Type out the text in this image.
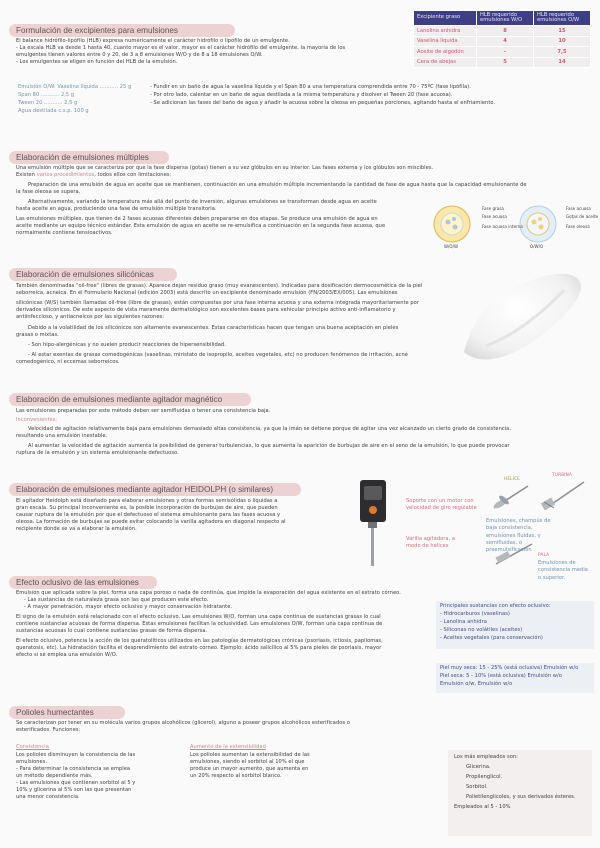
Formulación de excipientes para emulsiones
El balance hidrófilo-lipófilo (HLB) expresa numéricamente el carácter hidrófilo o lipófilo de un emulgente.
- La escala HLB va desde 1 hasta 40, cuanto mayor es el valor, mayor es el carácter hidrófilo del emulgente, la mayoría de los
emulgentes tienen valores entre 0 y 20, de 3 a 8 emulsiones W/O y de 8 a 18 emulsiones O/W.
- Los emulgentes se eligen en función del HLB de la emulsión.
Emulsión O/W: Vaselina líquida ........... 25 g
Span 80 ........... 2,5 g
Tween 20 ........... 2,5 g
Agua destilada c.s.p. 100 g
- Fundir en un baño de agua la vaselina líquida y el Span 80 a una temperatura comprendida entre 70 - 75ºC (fase lipófila).
- Por otro lado, calentar en un baño de agua destilada a la misma temperatura y disolver el Tween 20 (fase acuosa).
- Se adicionan las fases del baño de agua y añadir la acuosa sobre la oleosa en pequeñas porciones, agitando hasta el enfriamiento.
Excipiente graso	HLB requerido emulsiones W/O	HLB requerido emulsiones O/W
Lanolina anhidra	8	15
Vaselina líquida	4	10
Aceite de algodón	-	7,5
Cera de abejas	5	14
Elaboración de emulsiones múltiples
Una emulsión múltiple que se caracteriza por que la fase dispersa (gotas) tienen a su vez glóbulos en su interior. Las fases externa y los glóbulos son miscibles.
Existen varios procedimientos, todos ellos con limitaciones:
Preparación de una emulsión de agua en aceite que se mantienen, continuación en una emulsión múltiple incrementando la cantidad de fase de agua hasta que la capacidad emulsionante de
la fase oleosa se supera.
Alternativamente, variando la temperatura más allá del punto de inversión, algunas emulsiones se transforman desde agua en aceite
hasta aceite en agua, produciendo una fase de emulsión múltiple transitoria.
Las emulsiones múltiples, que tienen de 2 fases acuosas diferentes deben prepararse en dos etapas. Se produce una emulsión de agua en
aceite mediante un equipo técnico estándar. Esta emulsión de agua en aceite se re-emulsifica a continuación en la segunda fase acuosa, que
normalmente contiene tensioactivos.
Fase grasa
Fase acuosa
Fase acuosa interna
W/O/W
Fase acuosa
Gotas de aceite
Fase oleosa
O/W/O
Elaboración de emulsiones silicónicas
También denominadas "oil-free" (libres de grasas). Aparece dejan residuo graso (muy evanescentes). Indicadas para dosificación dermocosmética de la piel
seborreica, acneica. En el Formulario Nacional (edición 2003) está descrito un excipiente denominado emulsión (FN/2003/EX/005). Las emulsiones
silicónicas (W/S) también llamadas oil-free (libre de grasas), están compuestas por una fase interna acuosa y una externa integrada mayoritariamente por
derivados silicónicos. De este aspecto de vista meramente dermatológico son excelentes bases para vehicular principio activo anti-inflamatorio y
antiinfeccioso, y antiacneicos por las siguientes razones:
Debido a la volatilidad de los silicónicos son altamente evanescentes. Estas características hacen que tengan una buena aceptación en pieles
grasas o mixtas.
- Son hipo-alergénicas y no suelen producir reacciones de hipersensibilidad.
- Al estar exentas de grasas comedogénicas (vaselinas, miristato de isopropilo, aceites vegetales, etc) no producen fenómenos de irritación, acné
comedogénico, ni eccemas seborreicos.
Elaboración de emulsiones mediante agitador magnético
Las emulsiones preparadas por este método deben ser semifluidas o tener una consistencia baja.
Inconvenientes:
Velocidad de agitación relativamente baja para emulsiones demasiado altas consistencia, ya que la imán se detiene porque de agitar una vez alcanzado un cierto grado de consistencia,
resultando una emulsión inestable.
Al aumentar la velocidad de agitación aumenta la posibilidad de generar turbulencias, lo que aumenta la aparición de burbujas de aire en el seno de la emulsión, lo que puede provocar
ruptura de la emulsión y un sistema emulsionante defectuoso.
Elaboración de emulsiones mediante agitador HEIDOLPH (o similares)
El agitador Heidolph está diseñado para elaborar emulsiones y otras formas semisólidas o líquidas a
gran escala. Su principal inconveniente es, la posible incorporación de burbujas de aire, que pueden
causar ruptura de la emulsión por que el defectuoso el sistema emulsionante para las fases acuosa y
oleosa. La formación de burbujas se puede evitar colocando la varilla agitadora en diagonal respecto al
recipiente donde se va a elaborar la emulsión.
Soporte con un motor con velocidad de giro regulable
Varilla agitadora, a modo de hélices
HÉLICE
TURBINA
Emulsiones, champús de baja consistencia, emulsiones fluidas, y semifluidas, o preemulsificación
PALA
Emulsiones de consistencia media o superior.
Efecto oclusivo de las emulsiones
Emulsión que aplicada sobre la piel, forma una capa poroso o nada de continúa, que impide la evaporación del agua existente en el estrato córneo.
- Las sustancias de naturaleza grasa son las que producen este efecto.
- A mayor penetración, mayor efecto oclusivo y mayor conservación hidratante.
El signo de la emulsión está relacionado con el efecto oclusivo. Las emulsiones W/O, forman una capa continua de sustancias grasas lo cual
contiene sustancias acuosas de forma dispersa. Estas emulsiones facilitan la oclusividad. Las emulsiones O/W, forman una capa continua de
sustancias acuosas lo cual contiene sustancias grasas de forma dispersa.
El efecto oclusivo, potencia la acción de los queratolíticos utilizados en las patologías dermatológicas crónicas (psoriasis, ictiosis, papilomas,
queratosis, etc). La hidratación facilita el desprendimiento del estrato córneo. Ejemplo: ácido salicílico al 5% para pieles de psoriasis, mayor
efecto si se emplea una emulsión W/O.
Principales sustancias con efecto oclusivo:
- Hidrocarburos (vaselinas)
- Lanolina anhidra
- Siliconas no volátiles (aceites)
- Aceites vegetales (para conservación)
Piel muy seca: 15 - 25% (está oclusiva) Emulsión w/o
Piel seca: 5 - 10% (está oclusiva) Emulsión w/o
Emulsión o/w, Emulsión w/o
Polioles humectantes
Se caracterizan por tener en su molécula varios grupos alcohólicos (glicerol), alguno a poseer grupos alcohólicos esterificados o
esterificados. Funciones:
Consistencia
Los polioles disminuyen la consistencia de las
emulsiones.
- Para determinar la consistencia se emplea
un método dependiente más.
- Las emulsiones que contienen sorbitol al 5 y
10% y glicerina al 5% son las que presentan
una menor consistencia.
Aumento de la extensibilidad
Los polioles aumentan la extensibilidad de las
emulsiones, siendo el sorbitol al 10% el que
produce un mayor aumento, que aumenta en
un 20% respecto al sorbitol blanco.
Los más empleados son:
Glicerina.
Propilenglicol.
Sorbitol.
Polietilenglicoles, y sus derivados ésteres.
Empleados al 5 - 10%
